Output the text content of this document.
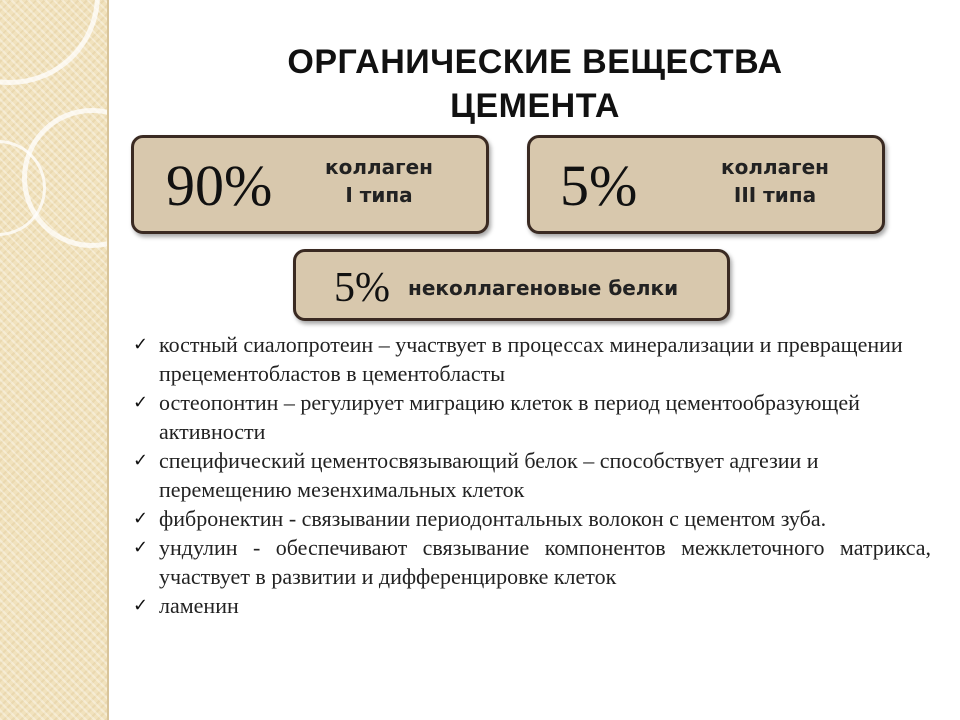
ОРГАНИЧЕСКИЕ ВЕЩЕСТВА ЦЕМЕНТА
90%	коллаген
I типа	5%	коллаген
III типа
5% неколлагеновые белки
✓ костный сиалопротеин – участвует в процессах минерализации и превращении прецементобластов в цементобласты
✓ остеопонтин – регулирует миграцию клеток в период цементообразующей активности
✓ специфический цементосвязывающий белок – способствует адгезии и перемещению мезенхимальных клеток
✓ фибронектин - связывании периодонтальных волокон с цементом зуба.
✓ ундулин - обеспечивают связывание компонентов межклеточного матрикса, участвует в развитии и дифференцировке клеток
✓ ламенин
